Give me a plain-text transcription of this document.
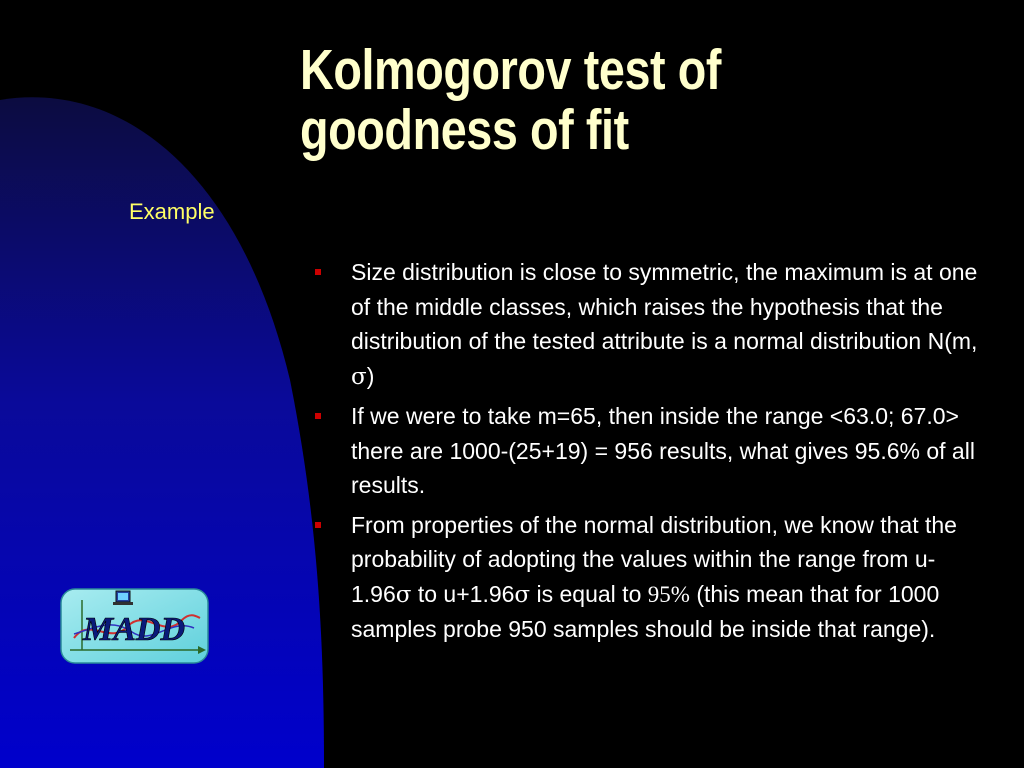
Kolmogorov test of
goodness of fit
Example
Size distribution is close to symmetric, the maximum is at one of the middle classes, which raises the hypothesis that the distribution of the tested attribute is a normal distribution N(m, σ)
If we were to take m=65, then inside the range <63.0; 67.0> there are 1000-(25+19) = 956 results, what gives 95.6% of all results.
From properties of the normal distribution, we know that the probability of adopting the values within the range from u-1.96σ to u+1.96σ is equal to 95% (this mean that for 1000 samples probe 950 samples should be inside that range).
MADD
